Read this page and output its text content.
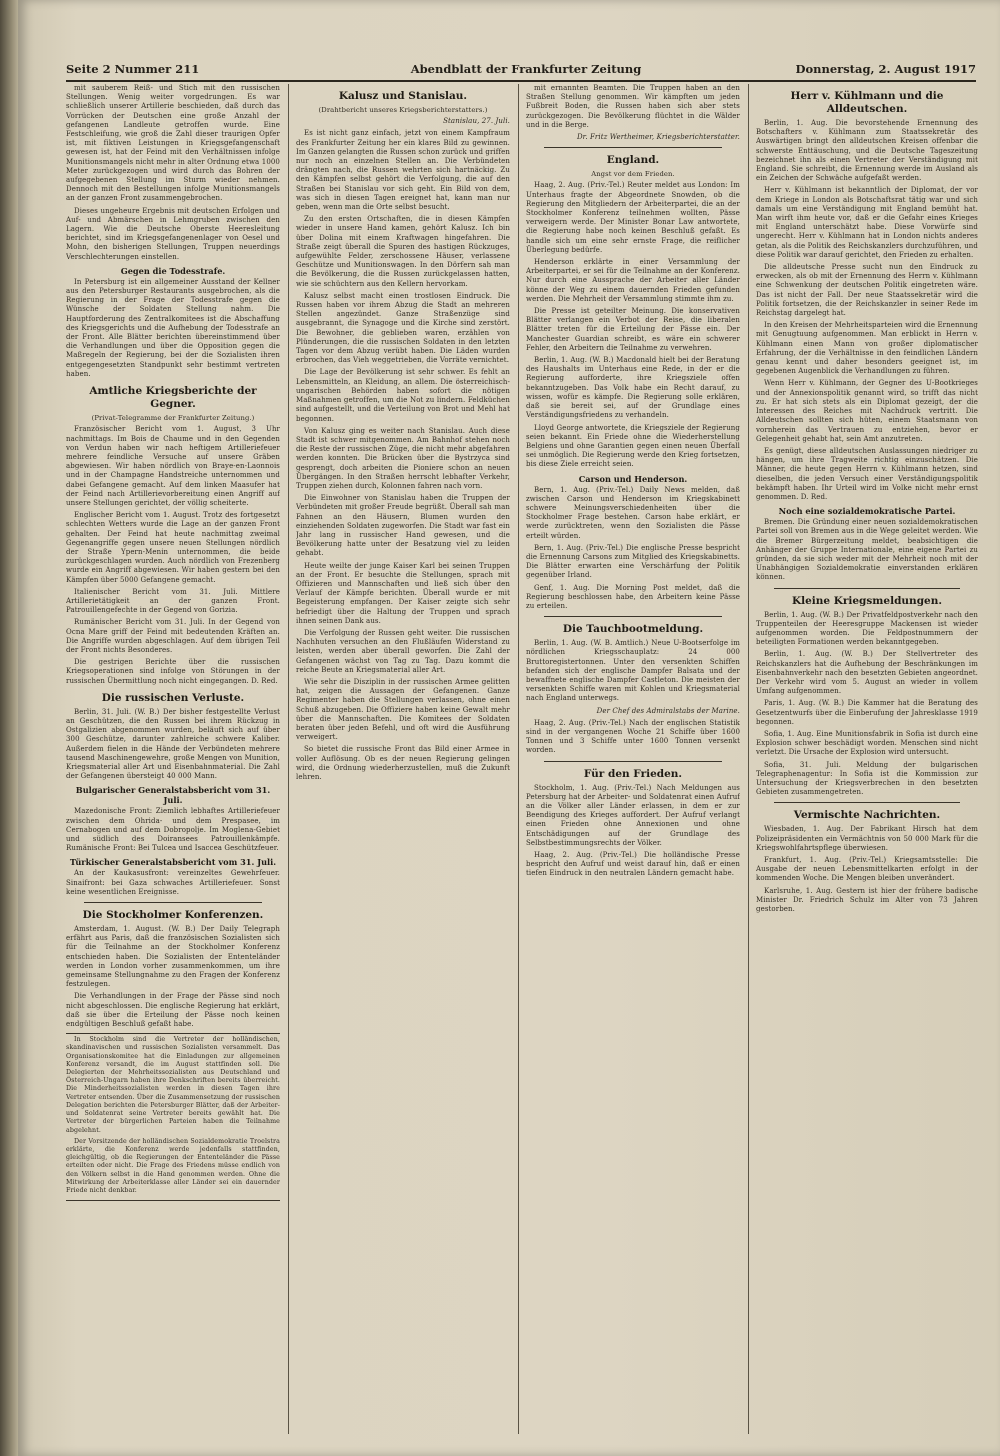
Seite 2 Nummer 211	Abendblatt der Frankfurter Zeitung	Donnerstag, 2. August 1917

mit sauberem Reiß- und Stich mit den russischen Stellungen. Wenig weiter vorgedrungen. Es war schließlich unserer Artillerie beschieden, daß durch das Vorrücken der Deutschen eine große Anzahl der gefangenen Landleute getroffen wurde. Eine Festschleifung, wie groß die Zahl dieser traurigen Opfer ist, mit fiktiven Leistungen in Kriegsgefangenschaft gewesen ist, hat der Feind mit den Verhältnissen infolge Munitionsmangels nicht mehr in alter Ordnung etwa 1000 Meter zurückgezogen und wird durch das Bohren der aufgegebenen Stellung im Sturm wieder nehmen. Dennoch mit den Bestellungen infolge Munitionsmangels an der ganzen Front zusammengebrochen.

Dieses ungeheure Ergebnis mit deutschen Erfolgen und Auf- und Abmärschen in Lehmgruben zwischen den Lagern. Wie die Deutsche Oberste Heeresleitung berichtet, sind im Kriegsgefangenenlager von Oesel und Mohn, den bisherigen Stellungen, Truppen neuerdings Verschlechterungen einstellen.

Gegen die Todesstrafe.

In Petersburg ist ein allgemeiner Ausstand der Kellner aus den Petersburger Restaurants ausgebrochen, als die Regierung in der Frage der Todesstrafe gegen die Wünsche der Soldaten Stellung nahm. Die Hauptforderung des Zentralkomitees ist die Abschaffung des Kriegsgerichts und die Aufhebung der Todesstrafe an der Front. Alle Blätter berichten übereinstimmend über die Verhandlungen und über die Opposition gegen die Maßregeln der Regierung, bei der die Sozialisten ihren entgegengesetzten Standpunkt sehr bestimmt vertreten haben.

Amtliche Kriegsberichte der Gegner.

(Privat-Telegramme der Frankfurter Zeitung.)

Französischer Bericht vom 1. August, 3 Uhr nachmittags. Im Bois de Chaume und in den Gegenden von Verdun haben wir nach heftigem Artilleriefeuer mehrere feindliche Versuche auf unsere Gräben abgewiesen. Wir haben nördlich von Braye-en-Laonnois und in der Champagne Handstreiche unternommen und dabei Gefangene gemacht. Auf dem linken Maasufer hat der Feind nach Artillerievorbereitung einen Angriff auf unsere Stellungen gerichtet, der völlig scheiterte.

Englischer Bericht vom 1. August. Trotz des fortgesetzt schlechten Wetters wurde die Lage an der ganzen Front gehalten. Der Feind hat heute nachmittag zweimal Gegenangriffe gegen unsere neuen Stellungen nördlich der Straße Ypern-Menin unternommen, die beide zurückgeschlagen wurden. Auch nördlich von Frezenberg wurde ein Angriff abgewiesen. Wir haben gestern bei den Kämpfen über 5000 Gefangene gemacht.

Italienischer Bericht vom 31. Juli. Mittlere Artillerietätigkeit an der ganzen Front. Patrouillengefechte in der Gegend von Gorizia.

Rumänischer Bericht vom 31. Juli. In der Gegend von Ocna Mare griff der Feind mit bedeutenden Kräften an. Die Angriffe wurden abgeschlagen. Auf dem übrigen Teil der Front nichts Besonderes.

Die gestrigen Berichte über die russischen Kriegsoperationen sind infolge von Störungen in der russischen Übermittlung noch nicht eingegangen. D. Red.

Die russischen Verluste.

Berlin, 31. Juli. (W. B.) Der bisher festgestellte Verlust an Geschützen, die den Russen bei ihrem Rückzug in Ostgalizien abgenommen wurden, beläuft sich auf über 300 Geschütze, darunter zahlreiche schwere Kaliber. Außerdem fielen in die Hände der Verbündeten mehrere tausend Maschinengewehre, große Mengen von Munition, Kriegsmaterial aller Art und Eisenbahnmaterial. Die Zahl der Gefangenen übersteigt 40 000 Mann.

Bulgarischer Generalstabsbericht vom 31. Juli.

Mazedonische Front: Ziemlich lebhaftes Artilleriefeuer zwischen dem Ohrida- und dem Prespasee, im Cernabogen und auf dem Dobropolje. Im Moglena-Gebiet und südlich des Doiransees Patrouillenkämpfe. Rumänische Front: Bei Tulcea und Isaccea Geschützfeuer.

Türkischer Generalstabsbericht vom 31. Juli.

An der Kaukasusfront: vereinzeltes Gewehrfeuer. Sinaifront: bei Gaza schwaches Artilleriefeuer. Sonst keine wesentlichen Ereignisse.

Die Stockholmer Konferenzen.

Amsterdam, 1. August. (W. B.) Der Daily Telegraph erfährt aus Paris, daß die französischen Sozialisten sich für die Teilnahme an der Stockholmer Konferenz entschieden haben. Die Sozialisten der Ententeländer werden in London vorher zusammenkommen, um ihre gemeinsame Stellungnahme zu den Fragen der Konferenz festzulegen.

Die Verhandlungen in der Frage der Pässe sind noch nicht abgeschlossen. Die englische Regierung hat erklärt, daß sie über die Erteilung der Pässe noch keinen endgültigen Beschluß gefaßt habe.

In Stockholm sind die Vertreter der holländischen, skandinavischen und russischen Sozialisten versammelt. Das Organisationskomitee hat die Einladungen zur allgemeinen Konferenz versandt, die im August stattfinden soll. Die Delegierten der Mehrheitssozialisten aus Deutschland und Österreich-Ungarn haben ihre Denkschriften bereits überreicht. Die Minderheitssozialisten werden in diesen Tagen ihre Vertreter entsenden. Über die Zusammensetzung der russischen Delegation berichten die Petersburger Blätter, daß der Arbeiter- und Soldatenrat seine Vertreter bereits gewählt hat. Die Vertreter der bürgerlichen Parteien haben die Teilnahme abgelehnt.

Der Vorsitzende der holländischen Sozialdemokratie Troelstra erklärte, die Konferenz werde jedenfalls stattfinden, gleichgültig, ob die Regierungen der Ententeländer die Pässe erteilten oder nicht. Die Frage des Friedens müsse endlich von den Völkern selbst in die Hand genommen werden. Ohne die Mitwirkung der Arbeiterklasse aller Länder sei ein dauernder Friede nicht denkbar.

Kalusz und Stanislau.

(Drahtbericht unseres Kriegsberichterstatters.)

Stanislau, 27. Juli.

Es ist nicht ganz einfach, jetzt von einem Kampfraum des Frankfurter Zeitung her ein klares Bild zu gewinnen. Im Ganzen gelangten die Russen schon zurück und griffen nur noch an einzelnen Stellen an. Die Verbündeten drängten nach, die Russen wehrten sich hartnäckig. Zu den Kämpfen selbst gehört die Verfolgung, die auf den Straßen bei Stanislau vor sich geht. Ein Bild von dem, was sich in diesen Tagen ereignet hat, kann man nur geben, wenn man die Orte selbst besucht.

Zu den ersten Ortschaften, die in diesen Kämpfen wieder in unsere Hand kamen, gehört Kalusz. Ich bin über Dolina mit einem Kraftwagen hingefahren. Die Straße zeigt überall die Spuren des hastigen Rückzuges, aufgewühlte Felder, zerschossene Häuser, verlassene Geschütze und Munitionswagen. In den Dörfern sah man die Bevölkerung, die die Russen zurückgelassen hatten, wie sie schüchtern aus den Kellern hervorkam.

Kalusz selbst macht einen trostlosen Eindruck. Die Russen haben vor ihrem Abzug die Stadt an mehreren Stellen angezündet. Ganze Straßenzüge sind ausgebrannt, die Synagoge und die Kirche sind zerstört. Die Bewohner, die geblieben waren, erzählen von Plünderungen, die die russischen Soldaten in den letzten Tagen vor dem Abzug verübt haben. Die Läden wurden erbrochen, das Vieh weggetrieben, die Vorräte vernichtet.

Die Lage der Bevölkerung ist sehr schwer. Es fehlt an Lebensmitteln, an Kleidung, an allem. Die österreichisch-ungarischen Behörden haben sofort die nötigen Maßnahmen getroffen, um die Not zu lindern. Feldküchen sind aufgestellt, und die Verteilung von Brot und Mehl hat begonnen.

Von Kalusz ging es weiter nach Stanislau. Auch diese Stadt ist schwer mitgenommen. Am Bahnhof stehen noch die Reste der russischen Züge, die nicht mehr abgefahren werden konnten. Die Brücken über die Bystrzyca sind gesprengt, doch arbeiten die Pioniere schon an neuen Übergängen. In den Straßen herrscht lebhafter Verkehr, Truppen ziehen durch, Kolonnen fahren nach vorn.

Die Einwohner von Stanislau haben die Truppen der Verbündeten mit großer Freude begrüßt. Überall sah man Fahnen an den Häusern, Blumen wurden den einziehenden Soldaten zugeworfen. Die Stadt war fast ein Jahr lang in russischer Hand gewesen, und die Bevölkerung hatte unter der Besatzung viel zu leiden gehabt.

Heute weilte der junge Kaiser Karl bei seinen Truppen an der Front. Er besuchte die Stellungen, sprach mit Offizieren und Mannschaften und ließ sich über den Verlauf der Kämpfe berichten. Überall wurde er mit Begeisterung empfangen. Der Kaiser zeigte sich sehr befriedigt über die Haltung der Truppen und sprach ihnen seinen Dank aus.

Die Verfolgung der Russen geht weiter. Die russischen Nachhuten versuchen an den Flußläufen Widerstand zu leisten, werden aber überall geworfen. Die Zahl der Gefangenen wächst von Tag zu Tag. Dazu kommt die reiche Beute an Kriegsmaterial aller Art.

Wie sehr die Disziplin in der russischen Armee gelitten hat, zeigen die Aussagen der Gefangenen. Ganze Regimenter haben die Stellungen verlassen, ohne einen Schuß abzugeben. Die Offiziere haben keine Gewalt mehr über die Mannschaften. Die Komitees der Soldaten beraten über jeden Befehl, und oft wird die Ausführung verweigert.

So bietet die russische Front das Bild einer Armee in voller Auflösung. Ob es der neuen Regierung gelingen wird, die Ordnung wiederherzustellen, muß die Zukunft lehren.

mit ernannten Beamten. Die Truppen haben an den Straßen Stellung genommen. Wir kämpften um jeden Fußbreit Boden, die Russen haben sich aber stets zurückgezogen. Die Bevölkerung flüchtet in die Wälder und in die Berge.

Dr. Fritz Wertheimer, Kriegsberichterstatter.

England.

Angst vor dem Frieden.

Haag, 2. Aug. (Priv.-Tel.) Reuter meldet aus London: Im Unterhaus fragte der Abgeordnete Snowden, ob die Regierung den Mitgliedern der Arbeiterpartei, die an der Stockholmer Konferenz teilnehmen wollten, Pässe verweigern werde. Der Minister Bonar Law antwortete, die Regierung habe noch keinen Beschluß gefaßt. Es handle sich um eine sehr ernste Frage, die reiflicher Überlegung bedürfe.

Henderson erklärte in einer Versammlung der Arbeiterpartei, er sei für die Teilnahme an der Konferenz. Nur durch eine Aussprache der Arbeiter aller Länder könne der Weg zu einem dauernden Frieden gefunden werden. Die Mehrheit der Versammlung stimmte ihm zu.

Die Presse ist geteilter Meinung. Die konservativen Blätter verlangen ein Verbot der Reise, die liberalen Blätter treten für die Erteilung der Pässe ein. Der Manchester Guardian schreibt, es wäre ein schwerer Fehler, den Arbeitern die Teilnahme zu verwehren.

Berlin, 1. Aug. (W. B.) Macdonald hielt bei der Beratung des Haushalts im Unterhaus eine Rede, in der er die Regierung aufforderte, ihre Kriegsziele offen bekanntzugeben. Das Volk habe ein Recht darauf, zu wissen, wofür es kämpfe. Die Regierung solle erklären, daß sie bereit sei, auf der Grundlage eines Verständigungsfriedens zu verhandeln.

Lloyd George antwortete, die Kriegsziele der Regierung seien bekannt. Ein Friede ohne die Wiederherstellung Belgiens und ohne Garantien gegen einen neuen Überfall sei unmöglich. Die Regierung werde den Krieg fortsetzen, bis diese Ziele erreicht seien.

Carson und Henderson.

Bern, 1. Aug. (Priv.-Tel.) Daily News melden, daß zwischen Carson und Henderson im Kriegskabinett schwere Meinungsverschiedenheiten über die Stockholmer Frage bestehen. Carson habe erklärt, er werde zurücktreten, wenn den Sozialisten die Pässe erteilt würden.

Bern, 1. Aug. (Priv.-Tel.) Die englische Presse bespricht die Ernennung Carsons zum Mitglied des Kriegskabinetts. Die Blätter erwarten eine Verschärfung der Politik gegenüber Irland.

Genf, 1. Aug. Die Morning Post meldet, daß die Regierung beschlossen habe, den Arbeitern keine Pässe zu erteilen.

Die Tauchbootmeldung.

Berlin, 1. Aug. (W. B. Amtlich.) Neue U-Bootserfolge im nördlichen Kriegsschauplatz: 24 000 Bruttoregistertonnen. Unter den versenkten Schiffen befanden sich der englische Dampfer Balsata und der bewaffnete englische Dampfer Castleton. Die meisten der versenkten Schiffe waren mit Kohlen und Kriegsmaterial nach England unterwegs.

Der Chef des Admiralstabs der Marine.

Haag, 2. Aug. (Priv.-Tel.) Nach der englischen Statistik sind in der vergangenen Woche 21 Schiffe über 1600 Tonnen und 3 Schiffe unter 1600 Tonnen versenkt worden.

Für den Frieden.

Stockholm, 1. Aug. (Priv.-Tel.) Nach Meldungen aus Petersburg hat der Arbeiter- und Soldatenrat einen Aufruf an die Völker aller Länder erlassen, in dem er zur Beendigung des Krieges auffordert. Der Aufruf verlangt einen Frieden ohne Annexionen und ohne Entschädigungen auf der Grundlage des Selbstbestimmungsrechts der Völker.

Haag, 2. Aug. (Priv.-Tel.) Die holländische Presse bespricht den Aufruf und weist darauf hin, daß er einen tiefen Eindruck in den neutralen Ländern gemacht habe.

Herr v. Kühlmann und die Alldeutschen.

Berlin, 1. Aug. Die bevorstehende Ernennung des Botschafters v. Kühlmann zum Staatssekretär des Auswärtigen bringt den alldeutschen Kreisen offenbar die schwerste Enttäuschung, und die Deutsche Tageszeitung bezeichnet ihn als einen Vertreter der Verständigung mit England. Sie schreibt, die Ernennung werde im Ausland als ein Zeichen der Schwäche aufgefaßt werden.

Herr v. Kühlmann ist bekanntlich der Diplomat, der vor dem Kriege in London als Botschaftsrat tätig war und sich damals um eine Verständigung mit England bemüht hat. Man wirft ihm heute vor, daß er die Gefahr eines Krieges mit England unterschätzt habe. Diese Vorwürfe sind ungerecht. Herr v. Kühlmann hat in London nichts anderes getan, als die Politik des Reichskanzlers durchzuführen, und diese Politik war darauf gerichtet, den Frieden zu erhalten.

Die alldeutsche Presse sucht nun den Eindruck zu erwecken, als ob mit der Ernennung des Herrn v. Kühlmann eine Schwenkung der deutschen Politik eingetreten wäre. Das ist nicht der Fall. Der neue Staatssekretär wird die Politik fortsetzen, die der Reichskanzler in seiner Rede im Reichstag dargelegt hat.

In den Kreisen der Mehrheitsparteien wird die Ernennung mit Genugtuung aufgenommen. Man erblickt in Herrn v. Kühlmann einen Mann von großer diplomatischer Erfahrung, der die Verhältnisse in den feindlichen Ländern genau kennt und daher besonders geeignet ist, im gegebenen Augenblick die Verhandlungen zu führen.

Wenn Herr v. Kühlmann, der Gegner des U-Bootkrieges und der Annexionspolitik genannt wird, so trifft das nicht zu. Er hat sich stets als ein Diplomat gezeigt, der die Interessen des Reiches mit Nachdruck vertritt. Die Alldeutschen sollten sich hüten, einem Staatsmann von vornherein das Vertrauen zu entziehen, bevor er Gelegenheit gehabt hat, sein Amt anzutreten.

Es genügt, diese alldeutschen Auslassungen niedriger zu hängen, um ihre Tragweite richtig einzuschätzen. Die Männer, die heute gegen Herrn v. Kühlmann hetzen, sind dieselben, die jeden Versuch einer Verständigungspolitik bekämpft haben. Ihr Urteil wird im Volke nicht mehr ernst genommen. D. Red.

Noch eine sozialdemokratische Partei.

Bremen. Die Gründung einer neuen sozialdemokratischen Partei soll von Bremen aus in die Wege geleitet werden. Wie die Bremer Bürgerzeitung meldet, beabsichtigen die Anhänger der Gruppe Internationale, eine eigene Partei zu gründen, da sie sich weder mit der Mehrheit noch mit der Unabhängigen Sozialdemokratie einverstanden erklären können.

Kleine Kriegsmeldungen.

Berlin, 1. Aug. (W. B.) Der Privatfeldpostverkehr nach den Truppenteilen der Heeresgruppe Mackensen ist wieder aufgenommen worden. Die Feldpostnummern der beteiligten Formationen werden bekanntgegeben.

Berlin, 1. Aug. (W. B.) Der Stellvertreter des Reichskanzlers hat die Aufhebung der Beschränkungen im Eisenbahnverkehr nach den besetzten Gebieten angeordnet. Der Verkehr wird vom 5. August an wieder in vollem Umfang aufgenommen.

Paris, 1. Aug. (W. B.) Die Kammer hat die Beratung des Gesetzentwurfs über die Einberufung der Jahresklasse 1919 begonnen.

Sofia, 1. Aug. Eine Munitionsfabrik in Sofia ist durch eine Explosion schwer beschädigt worden. Menschen sind nicht verletzt. Die Ursache der Explosion wird untersucht.

Sofia, 31. Juli. Meldung der bulgarischen Telegraphenagentur: In Sofia ist die Kommission zur Untersuchung der Kriegsverbrechen in den besetzten Gebieten zusammengetreten.

Vermischte Nachrichten.

Wiesbaden, 1. Aug. Der Fabrikant Hirsch hat dem Polizeipräsidenten ein Vermächtnis von 50 000 Mark für die Kriegswohlfahrtspflege überwiesen.

Frankfurt, 1. Aug. (Priv.-Tel.) Kriegsamtsstelle: Die Ausgabe der neuen Lebensmittelkarten erfolgt in der kommenden Woche. Die Mengen bleiben unverändert.

Karlsruhe, 1. Aug. Gestern ist hier der frühere badische Minister Dr. Friedrich Schulz im Alter von 73 Jahren gestorben.
